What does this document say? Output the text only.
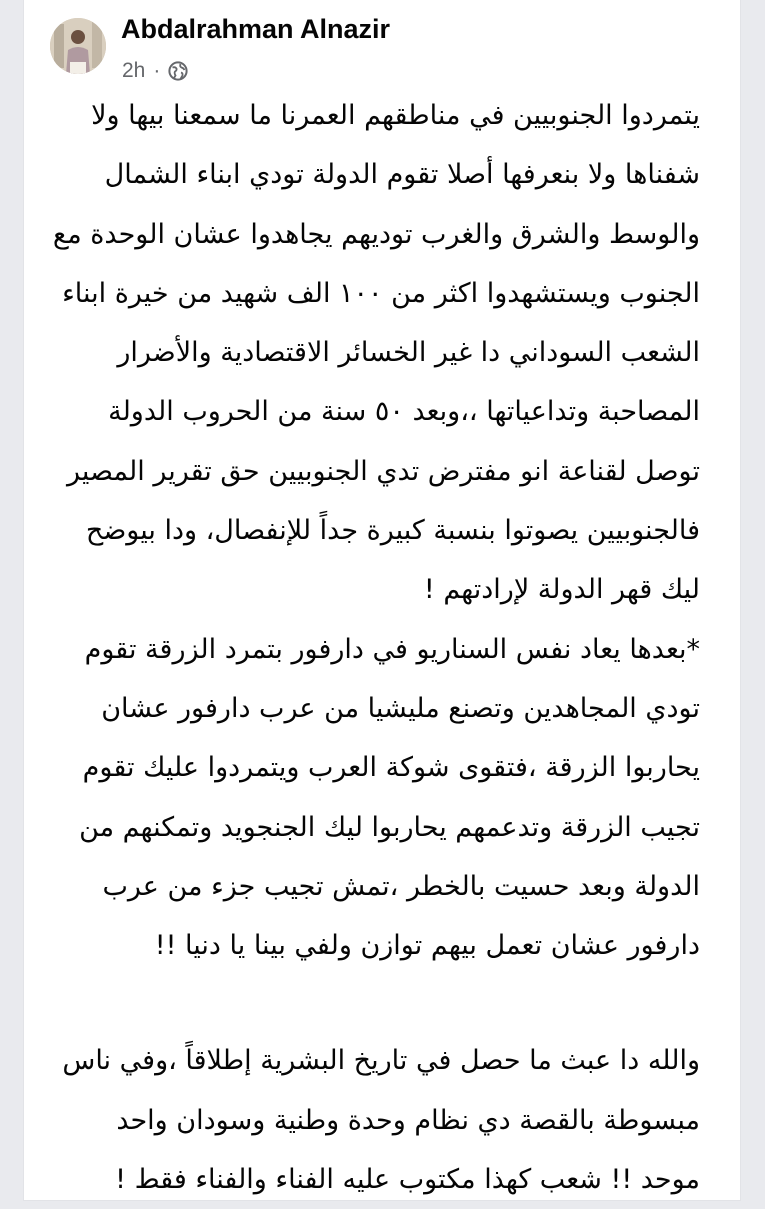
Abdalrahman Alnazir
2h ·

يتمردوا الجنوبيين في مناطقهم العمرنا ما سمعنا بيها ولا

شفناها ولا بنعرفها أصلا تقوم الدولة تودي ابناء الشمال

والوسط والشرق والغرب توديهم يجاهدوا عشان الوحدة مع

الجنوب ويستشهدوا اكثر من ١٠٠ الف شهيد من خيرة ابناء

الشعب السوداني دا غير الخسائر الاقتصادية والأضرار

المصاحبة وتداعياتها ،،وبعد ٥٠ سنة من الحروب الدولة

توصل لقناعة انو مفترض تدي الجنوبيين حق تقرير المصير

فالجنوبيين يصوتوا بنسبة كبيرة جداً للإنفصال، ودا بيوضح

ليك قهر الدولة لإرادتهم !

*بعدها يعاد نفس السناريو في دارفور بتمرد الزرقة تقوم

تودي المجاهدين وتصنع مليشيا من عرب دارفور عشان

يحاربوا الزرقة ،فتقوى شوكة العرب ويتمردوا عليك تقوم

تجيب الزرقة وتدعمهم يحاربوا ليك الجنجويد وتمكنهم من

الدولة وبعد حسيت بالخطر ،تمش تجيب جزء من عرب

دارفور عشان تعمل بيهم توازن ولفي بينا يا دنيا !!

والله دا عبث ما حصل في تاريخ البشرية إطلاقاً ،وفي ناس

مبسوطة بالقصة دي نظام وحدة وطنية وسودان واحد

موحد !! شعب كهذا مكتوب عليه الفناء والفناء فقط !
